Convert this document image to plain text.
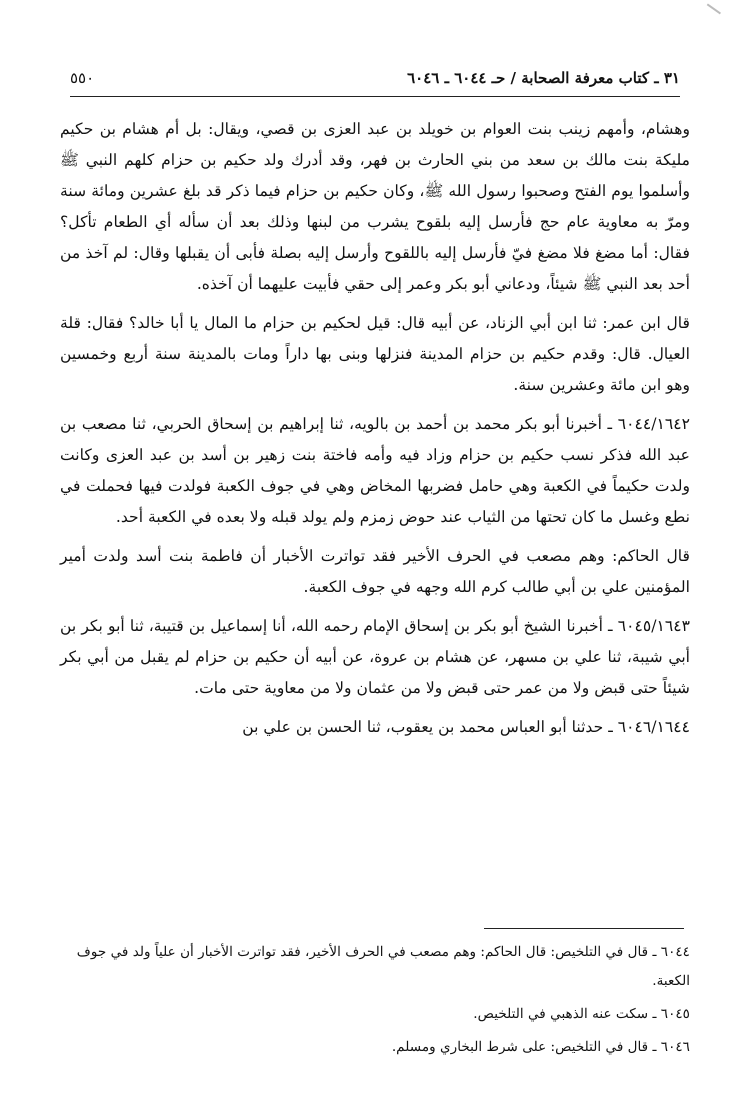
٣١ ـ كتاب معرفة الصحابة / حـ ٦٠٤٤ ـ ٦٠٤٦
٥٥٠

وهشام، وأمهم زينب بنت العوام بن خويلد بن عبد العزى بن قصي، ويقال: بل أم هشام بن حكيم مليكة بنت مالك بن سعد من بني الحارث بن فهر، وقد أدرك ولد حكيم بن حزام كلهم النبي ﷺ وأسلموا يوم الفتح وصحبوا رسول الله ﷺ، وكان حكيم بن حزام فيما ذكر قد بلغ عشرين ومائة سنة ومرّ به معاوية عام حج فأرسل إليه بلقوح يشرب من لبنها وذلك بعد أن سأله أي الطعام تأكل؟ فقال: أما مضغ فلا مضغ فيّ فأرسل إليه باللقوح وأرسل إليه بصلة فأبى أن يقبلها وقال: لم آخذ من أحد بعد النبي ﷺ شيئاً، ودعاني أبو بكر وعمر إلى حقي فأبيت عليهما أن آخذه.

قال ابن عمر: ثنا ابن أبي الزناد، عن أبيه قال: قيل لحكيم بن حزام ما المال يا أبا خالد؟ فقال: قلة العيال. قال: وقدم حكيم بن حزام المدينة فنزلها وبنى بها داراً ومات بالمدينة سنة أربع وخمسين وهو ابن مائة وعشرين سنة.

٦٠٤٤/١٦٤٢ ـ أخبرنا أبو بكر محمد بن أحمد بن بالويه، ثنا إبراهيم بن إسحاق الحربي، ثنا مصعب بن عبد الله فذكر نسب حكيم بن حزام وزاد فيه وأمه فاختة بنت زهير بن أسد بن عبد العزى وكانت ولدت حكيماً في الكعبة وهي حامل فضربها المخاض وهي في جوف الكعبة فولدت فيها فحملت في نطع وغسل ما كان تحتها من الثياب عند حوض زمزم ولم يولد قبله ولا بعده في الكعبة أحد.

قال الحاكم: وهم مصعب في الحرف الأخير فقد تواترت الأخبار أن فاطمة بنت أسد ولدت أمير المؤمنين علي بن أبي طالب كرم الله وجهه في جوف الكعبة.

٦٠٤٥/١٦٤٣ ـ أخبرنا الشيخ أبو بكر بن إسحاق الإمام رحمه الله، أنا إسماعيل بن قتيبة، ثنا أبو بكر بن أبي شيبة، ثنا علي بن مسهر، عن هشام بن عروة، عن أبيه أن حكيم بن حزام لم يقبل من أبي بكر شيئاً حتى قبض ولا من عمر حتى قبض ولا من عثمان ولا من معاوية حتى مات.

٦٠٤٦/١٦٤٤ ـ حدثنا أبو العباس محمد بن يعقوب، ثنا الحسن بن علي بن

٦٠٤٤ ـ قال في التلخيص: قال الحاكم: وهم مصعب في الحرف الأخير، فقد تواترت الأخبار أن علياً ولد في جوف الكعبة.

٦٠٤٥ ـ سكت عنه الذهبي في التلخيص.

٦٠٤٦ ـ قال في التلخيص: على شرط البخاري ومسلم.
